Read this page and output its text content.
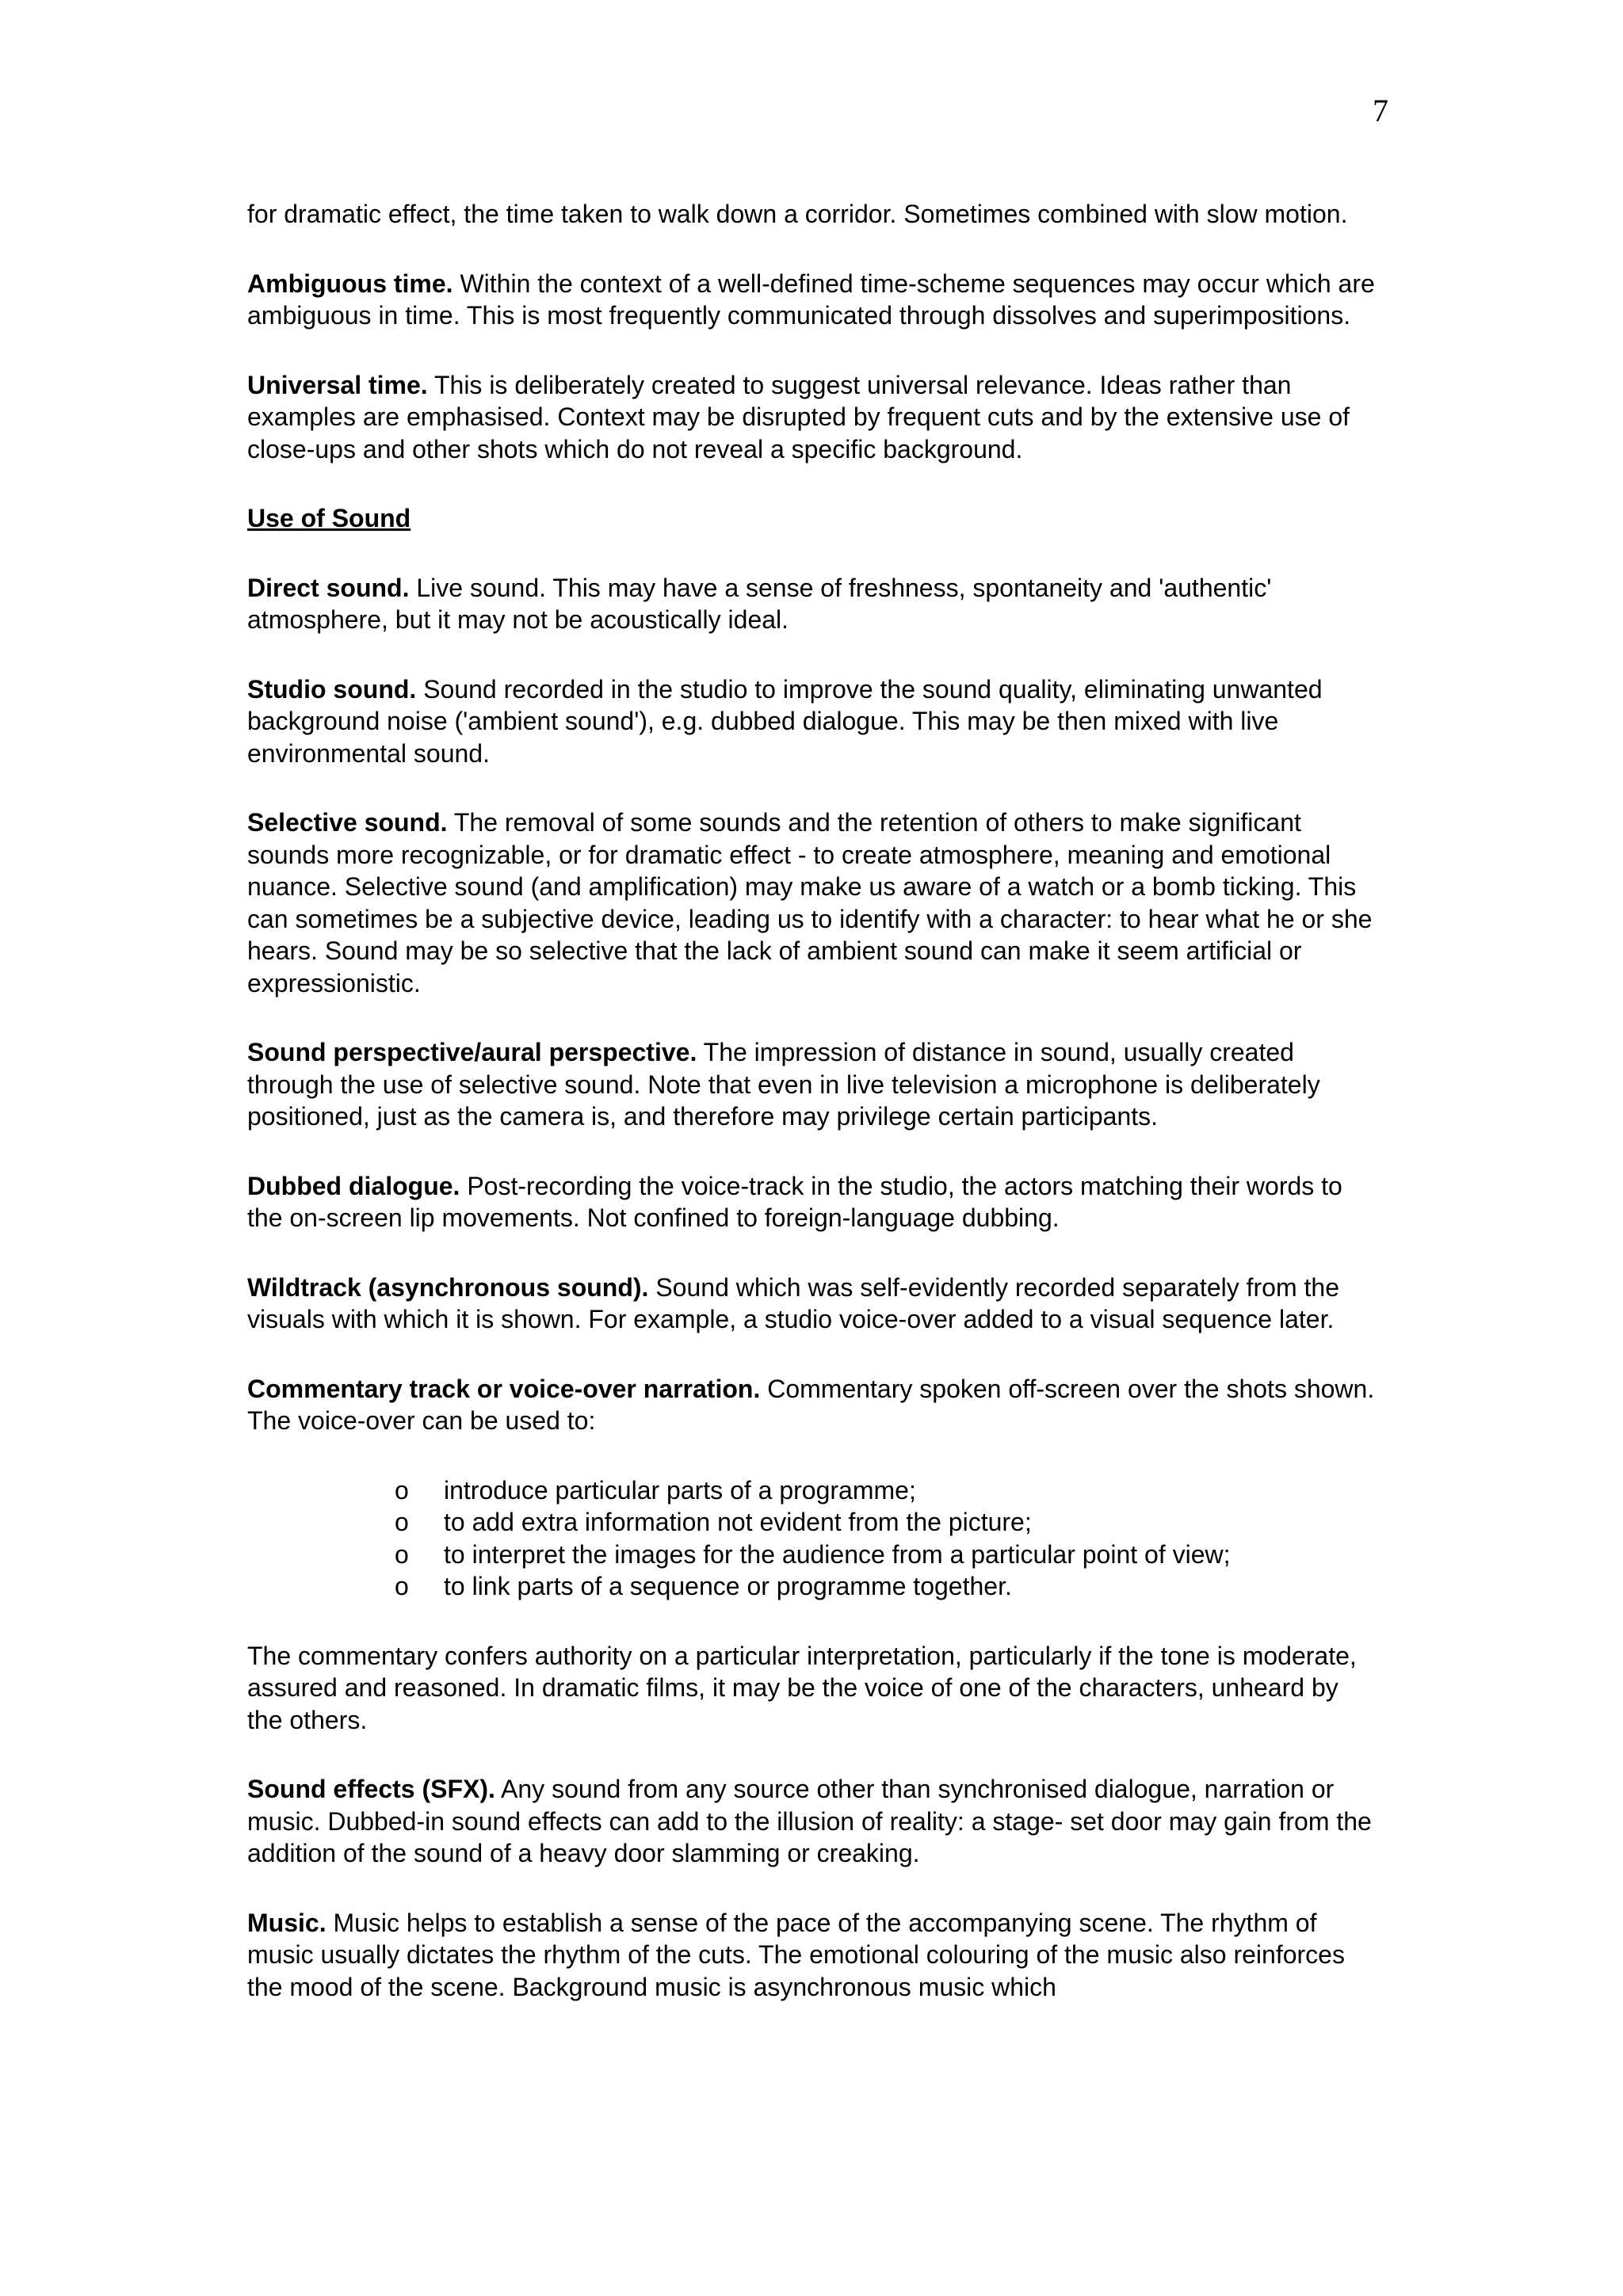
7

for dramatic effect, the time taken to walk down a corridor. Sometimes combined with slow motion.

Ambiguous time. Within the context of a well-defined time-scheme sequences may occur which are ambiguous in time. This is most frequently communicated through dissolves and superimpositions.

Universal time. This is deliberately created to suggest universal relevance. Ideas rather than examples are emphasised. Context may be disrupted by frequent cuts and by the extensive use of close-ups and other shots which do not reveal a specific background.

Use of Sound

Direct sound. Live sound. This may have a sense of freshness, spontaneity and 'authentic' atmosphere, but it may not be acoustically ideal.

Studio sound. Sound recorded in the studio to improve the sound quality, eliminating unwanted background noise ('ambient sound'), e.g. dubbed dialogue. This may be then mixed with live environmental sound.

Selective sound. The removal of some sounds and the retention of others to make significant sounds more recognizable, or for dramatic effect - to create atmosphere, meaning and emotional nuance. Selective sound (and amplification) may make us aware of a watch or a bomb ticking. This can sometimes be a subjective device, leading us to identify with a character: to hear what he or she hears. Sound may be so selective that the lack of ambient sound can make it seem artificial or expressionistic.

Sound perspective/aural perspective. The impression of distance in sound, usually created through the use of selective sound. Note that even in live television a microphone is deliberately positioned, just as the camera is, and therefore may privilege certain participants.

Dubbed dialogue. Post-recording the voice-track in the studio, the actors matching their words to the on-screen lip movements. Not confined to foreign-language dubbing.

Wildtrack (asynchronous sound). Sound which was self-evidently recorded separately from the visuals with which it is shown. For example, a studio voice-over added to a visual sequence later.

Commentary track or voice-over narration. Commentary spoken off-screen over the shots shown. The voice-over can be used to:

o introduce particular parts of a programme;
o to add extra information not evident from the picture;
o to interpret the images for the audience from a particular point of view;
o to link parts of a sequence or programme together.

The commentary confers authority on a particular interpretation, particularly if the tone is moderate, assured and reasoned. In dramatic films, it may be the voice of one of the characters, unheard by the others.

Sound effects (SFX). Any sound from any source other than synchronised dialogue, narration or music. Dubbed-in sound effects can add to the illusion of reality: a stage- set door may gain from the addition of the sound of a heavy door slamming or creaking.

Music. Music helps to establish a sense of the pace of the accompanying scene. The rhythm of music usually dictates the rhythm of the cuts. The emotional colouring of the music also reinforces the mood of the scene. Background music is asynchronous music which
